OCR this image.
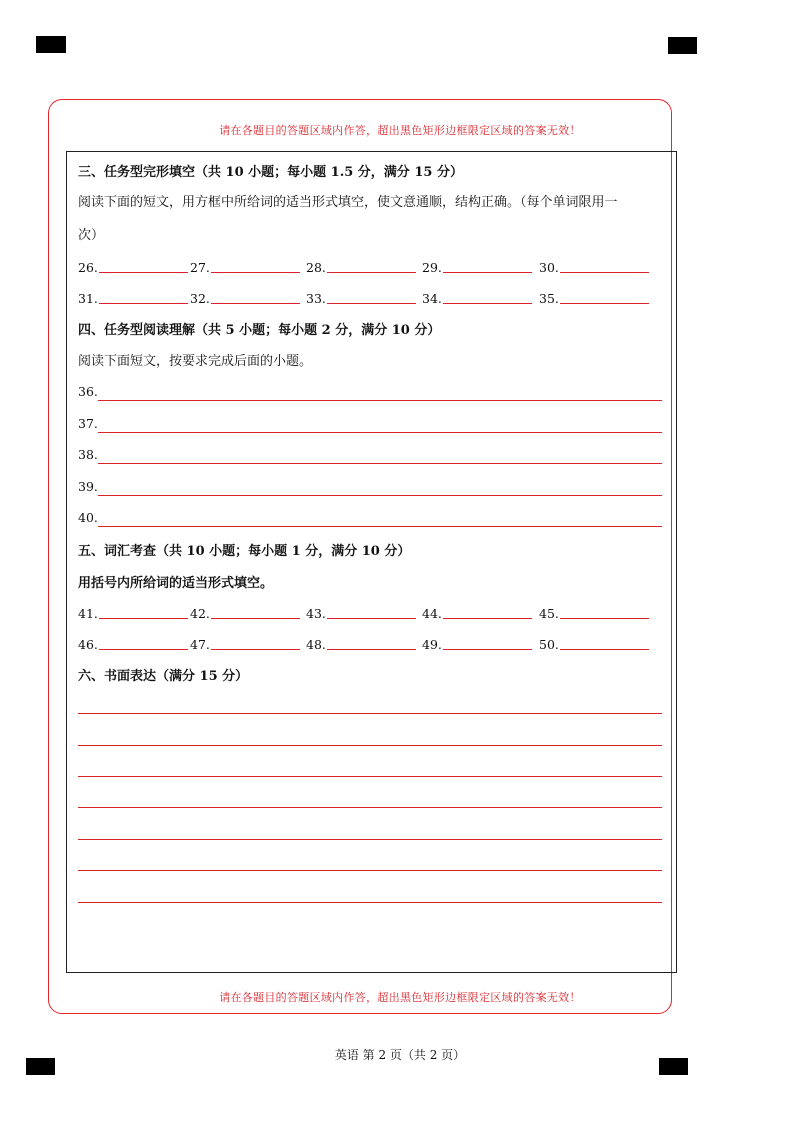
请在各题目的答题区域内作答，超出黑色矩形边框限定区域的答案无效！
三、任务型完形填空（共 10 小题；每小题 1.5 分，满分 15 分）
阅读下面的短文，用方框中所给词的适当形式填空，使文意通顺，结构正确。（每个单词限用一
次）
26.	27.	28.	29.	30.
31.	32.	33.	34.	35.
四、任务型阅读理解（共 5 小题；每小题 2 分，满分 10 分）
阅读下面短文，按要求完成后面的小题。
36.
37.
38.
39.
40.
五、词汇考查（共 10 小题；每小题 1 分，满分 10 分）
用括号内所给词的适当形式填空。
41.	42.	43.	44.	45.
46.	47.	48.	49.	50.
六、书面表达（满分 15 分）
请在各题目的答题区域内作答，超出黑色矩形边框限定区域的答案无效！
英语 第 2 页（共 2 页）
